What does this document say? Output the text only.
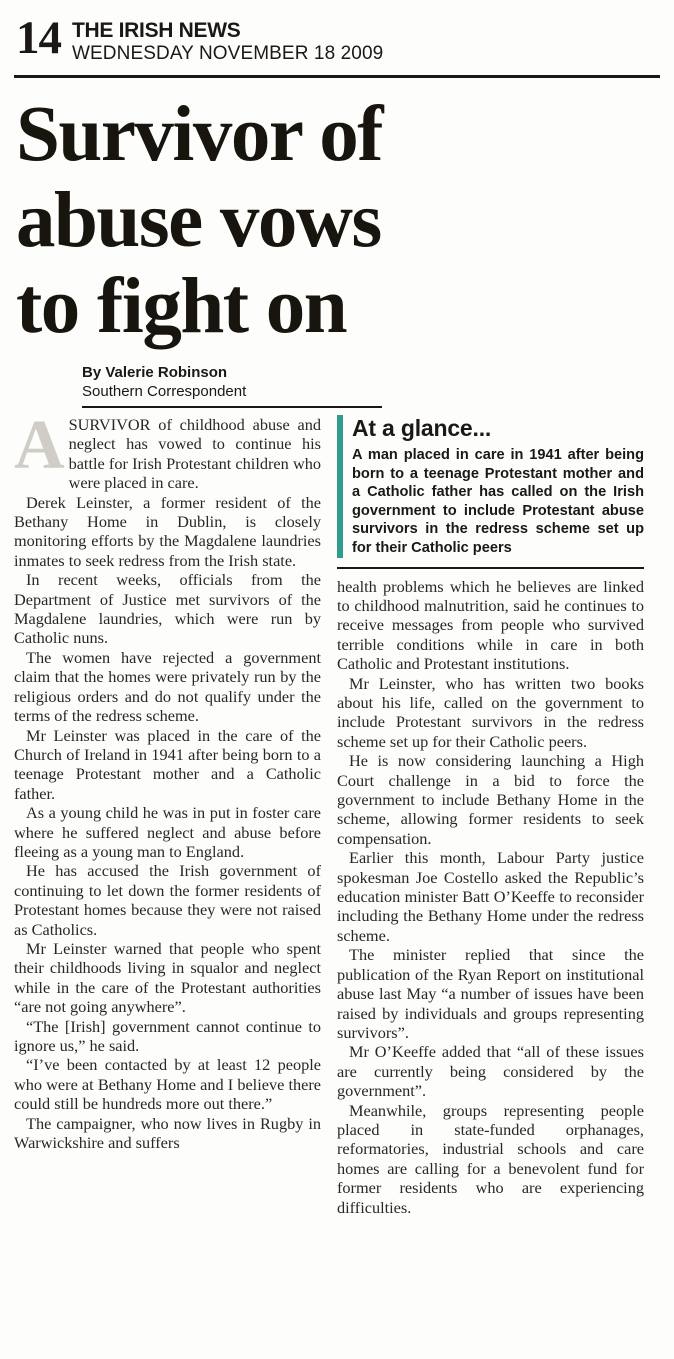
14 THE IRISH NEWS
WEDNESDAY NOVEMBER 18 2009
Survivor of
abuse vows
to fight on
By Valerie Robinson
Southern Correspondent

ASURVIVOR of childhood abuse and neglect has vowed to continue his battle for Irish Protestant children who were placed in care.

Derek Leinster, a former resident of the Bethany Home in Dublin, is closely monitoring efforts by the Magdalene laundries inmates to seek redress from the Irish state.

In recent weeks, officials from the Department of Justice met survivors of the Magdalene laundries, which were run by Catholic nuns.

The women have rejected a government claim that the homes were privately run by the religious orders and do not qualify under the terms of the redress scheme.

Mr Leinster was placed in the care of the Church of Ireland in 1941 after being born to a teenage Protestant mother and a Catholic father.

As a young child he was in put in foster care where he suffered neglect and abuse before fleeing as a young man to England.

He has accused the Irish government of continuing to let down the former residents of Protestant homes because they were not raised as Catholics.

Mr Leinster warned that people who spent their childhoods living in squalor and neglect while in the care of the Protestant authorities “are not going anywhere”.

“The [Irish] government cannot continue to ignore us,” he said.

“I’ve been contacted by at least 12 people who were at Bethany Home and I believe there could still be hundreds more out there.”

The campaigner, who now lives in Rugby in Warwickshire and suffers

At a glance...
A man placed in care in 1941 after being born to a teenage Protestant mother and a Catholic father has called on the Irish government to include Protestant abuse survivors in the redress scheme set up for their Catholic peers

health problems which he believes are linked to childhood malnutrition, said he continues to receive messages from people who survived terrible conditions while in care in both Catholic and Protestant institutions.

Mr Leinster, who has written two books about his life, called on the government to include Protestant survivors in the redress scheme set up for their Catholic peers.

He is now considering launching a High Court challenge in a bid to force the government to include Bethany Home in the scheme, allowing former residents to seek compensation.

Earlier this month, Labour Party justice spokesman Joe Costello asked the Republic’s education minister Batt O’Keeffe to reconsider including the Bethany Home under the redress scheme.

The minister replied that since the publication of the Ryan Report on institutional abuse last May “a number of issues have been raised by individuals and groups representing survivors”.

Mr O’Keeffe added that “all of these issues are currently being considered by the government”.

Meanwhile, groups representing people placed in state-funded orphanages, reformatories, industrial schools and care homes are calling for a benevolent fund for former residents who are experiencing difficulties.
